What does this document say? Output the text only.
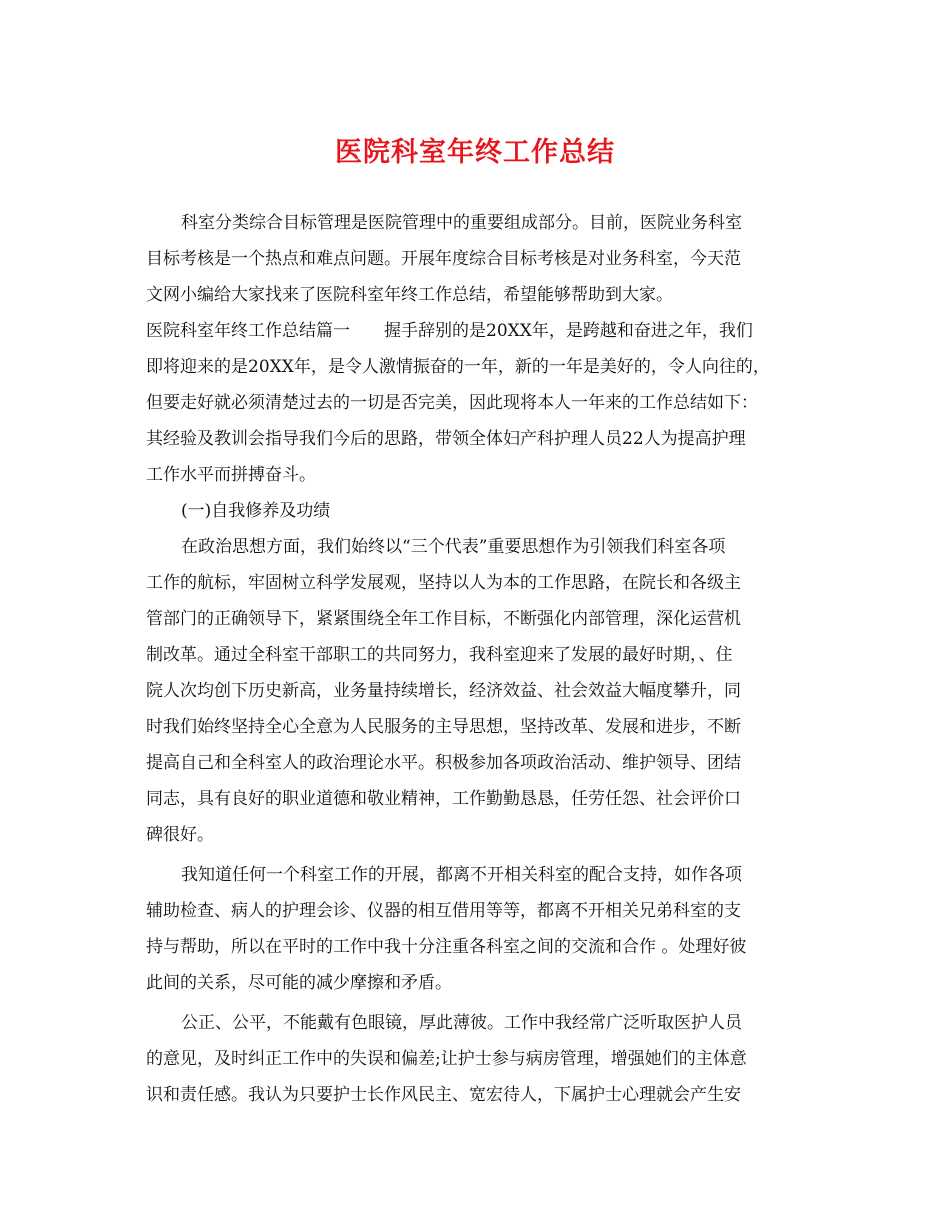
医院科室年终工作总结
科室分类综合目标管理是医院管理中的重要组成部分。目前，医院业务科室
目标考核是一个热点和难点问题。开展年度综合目标考核是对业务科室，今天范
文网小编给大家找来了医院科室年终工作总结，希望能够帮助到大家。
医院科室年终工作总结篇一　　握手辞别的是20XX年，是跨越和奋进之年，我们
即将迎来的是20XX年，是令人激情振奋的一年，新的一年是美好的，令人向往的，
但要走好就必须清楚过去的一切是否完美，因此现将本人一年来的工作总结如下：
其经验及教训会指导我们今后的思路，带领全体妇产科护理人员22人为提高护理
工作水平而拼搏奋斗。
(一)自我修养及功绩
在政治思想方面，我们始终以“三个代表”重要思想作为引领我们科室各项
工作的航标，牢固树立科学发展观，坚持以人为本的工作思路，在院长和各级主
管部门的正确领导下，紧紧围绕全年工作目标，不断强化内部管理，深化运营机
制改革。通过全科室干部职工的共同努力，我科室迎来了发展的最好时期，、住
院人次均创下历史新高，业务量持续增长，经济效益、社会效益大幅度攀升，同
时我们始终坚持全心全意为人民服务的主导思想，坚持改革、发展和进步，不断
提高自己和全科室人的政治理论水平。积极参加各项政治活动、维护领导、团结
同志，具有良好的职业道德和敬业精神，工作勤勤恳恳，任劳任怨、社会评价口
碑很好。
我知道任何一个科室工作的开展，都离不开相关科室的配合支持，如作各项
辅助检查、病人的护理会诊、仪器的相互借用等等，都离不开相关兄弟科室的支
持与帮助，所以在平时的工作中我十分注重各科室之间的交流和合作 。处理好彼
此间的关系，尽可能的减少摩擦和矛盾。
公正、公平，不能戴有色眼镜，厚此薄彼。工作中我经常广泛听取医护人员
的意见，及时纠正工作中的失误和偏差;让护士参与病房管理，增强她们的主体意
识和责任感。我认为只要护士长作风民主、宽宏待人，下属护士心理就会产生安
